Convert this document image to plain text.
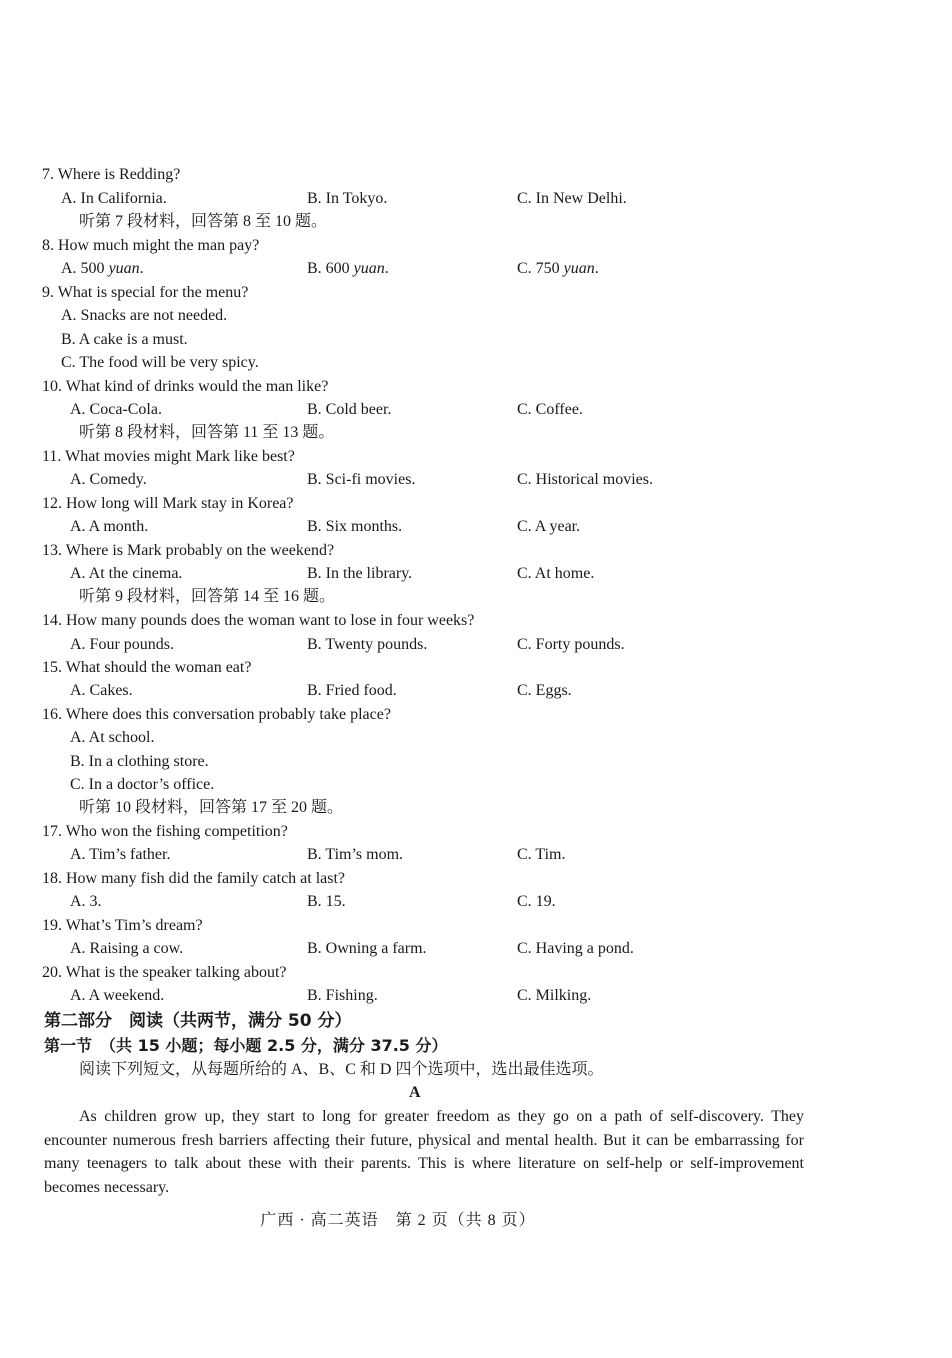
7. Where is Redding?
A. In California.	B. In Tokyo.	C. In New Delhi.
听第 7 段材料，回答第 8 至 10 题。
8. How much might the man pay?
A. 500 yuan.	B. 600 yuan.	C. 750 yuan.
9. What is special for the menu?
A. Snacks are not needed.
B. A cake is a must.
C. The food will be very spicy.
10. What kind of drinks would the man like?
A. Coca-Cola.	B. Cold beer.	C. Coffee.
听第 8 段材料，回答第 11 至 13 题。
11. What movies might Mark like best?
A. Comedy.	B. Sci-fi movies.	C. Historical movies.
12. How long will Mark stay in Korea?
A. A month.	B. Six months.	C. A year.
13. Where is Mark probably on the weekend?
A. At the cinema.	B. In the library.	C. At home.
听第 9 段材料，回答第 14 至 16 题。
14. How many pounds does the woman want to lose in four weeks?
A. Four pounds.	B. Twenty pounds.	C. Forty pounds.
15. What should the woman eat?
A. Cakes.	B. Fried food.	C. Eggs.
16. Where does this conversation probably take place?
A. At school.
B. In a clothing store.
C. In a doctor’s office.
听第 10 段材料，回答第 17 至 20 题。
17. Who won the fishing competition?
A. Tim’s father.	B. Tim’s mom.	C. Tim.
18. How many fish did the family catch at last?
A. 3.	B. 15.	C. 19.
19. What’s Tim’s dream?
A. Raising a cow.	B. Owning a farm.	C. Having a pond.
20. What is the speaker talking about?
A. A weekend.	B. Fishing.	C. Milking.
第二部分　阅读（共两节，满分 50 分）
第一节　（共 15 小题；每小题 2.5 分，满分 37.5 分）
阅读下列短文，从每题所给的 A、B、C 和 D 四个选项中，选出最佳选项。
A
As children grow up, they start to long for greater freedom as they go on a path of self-discovery. They encounter numerous fresh barriers affecting their future, physical and mental health. But it can be embarrassing for many teenagers to talk about these with their parents. This is where literature on self-help or self-improvement becomes necessary.
广西 · 高二英语　第 2 页（共 8 页）
